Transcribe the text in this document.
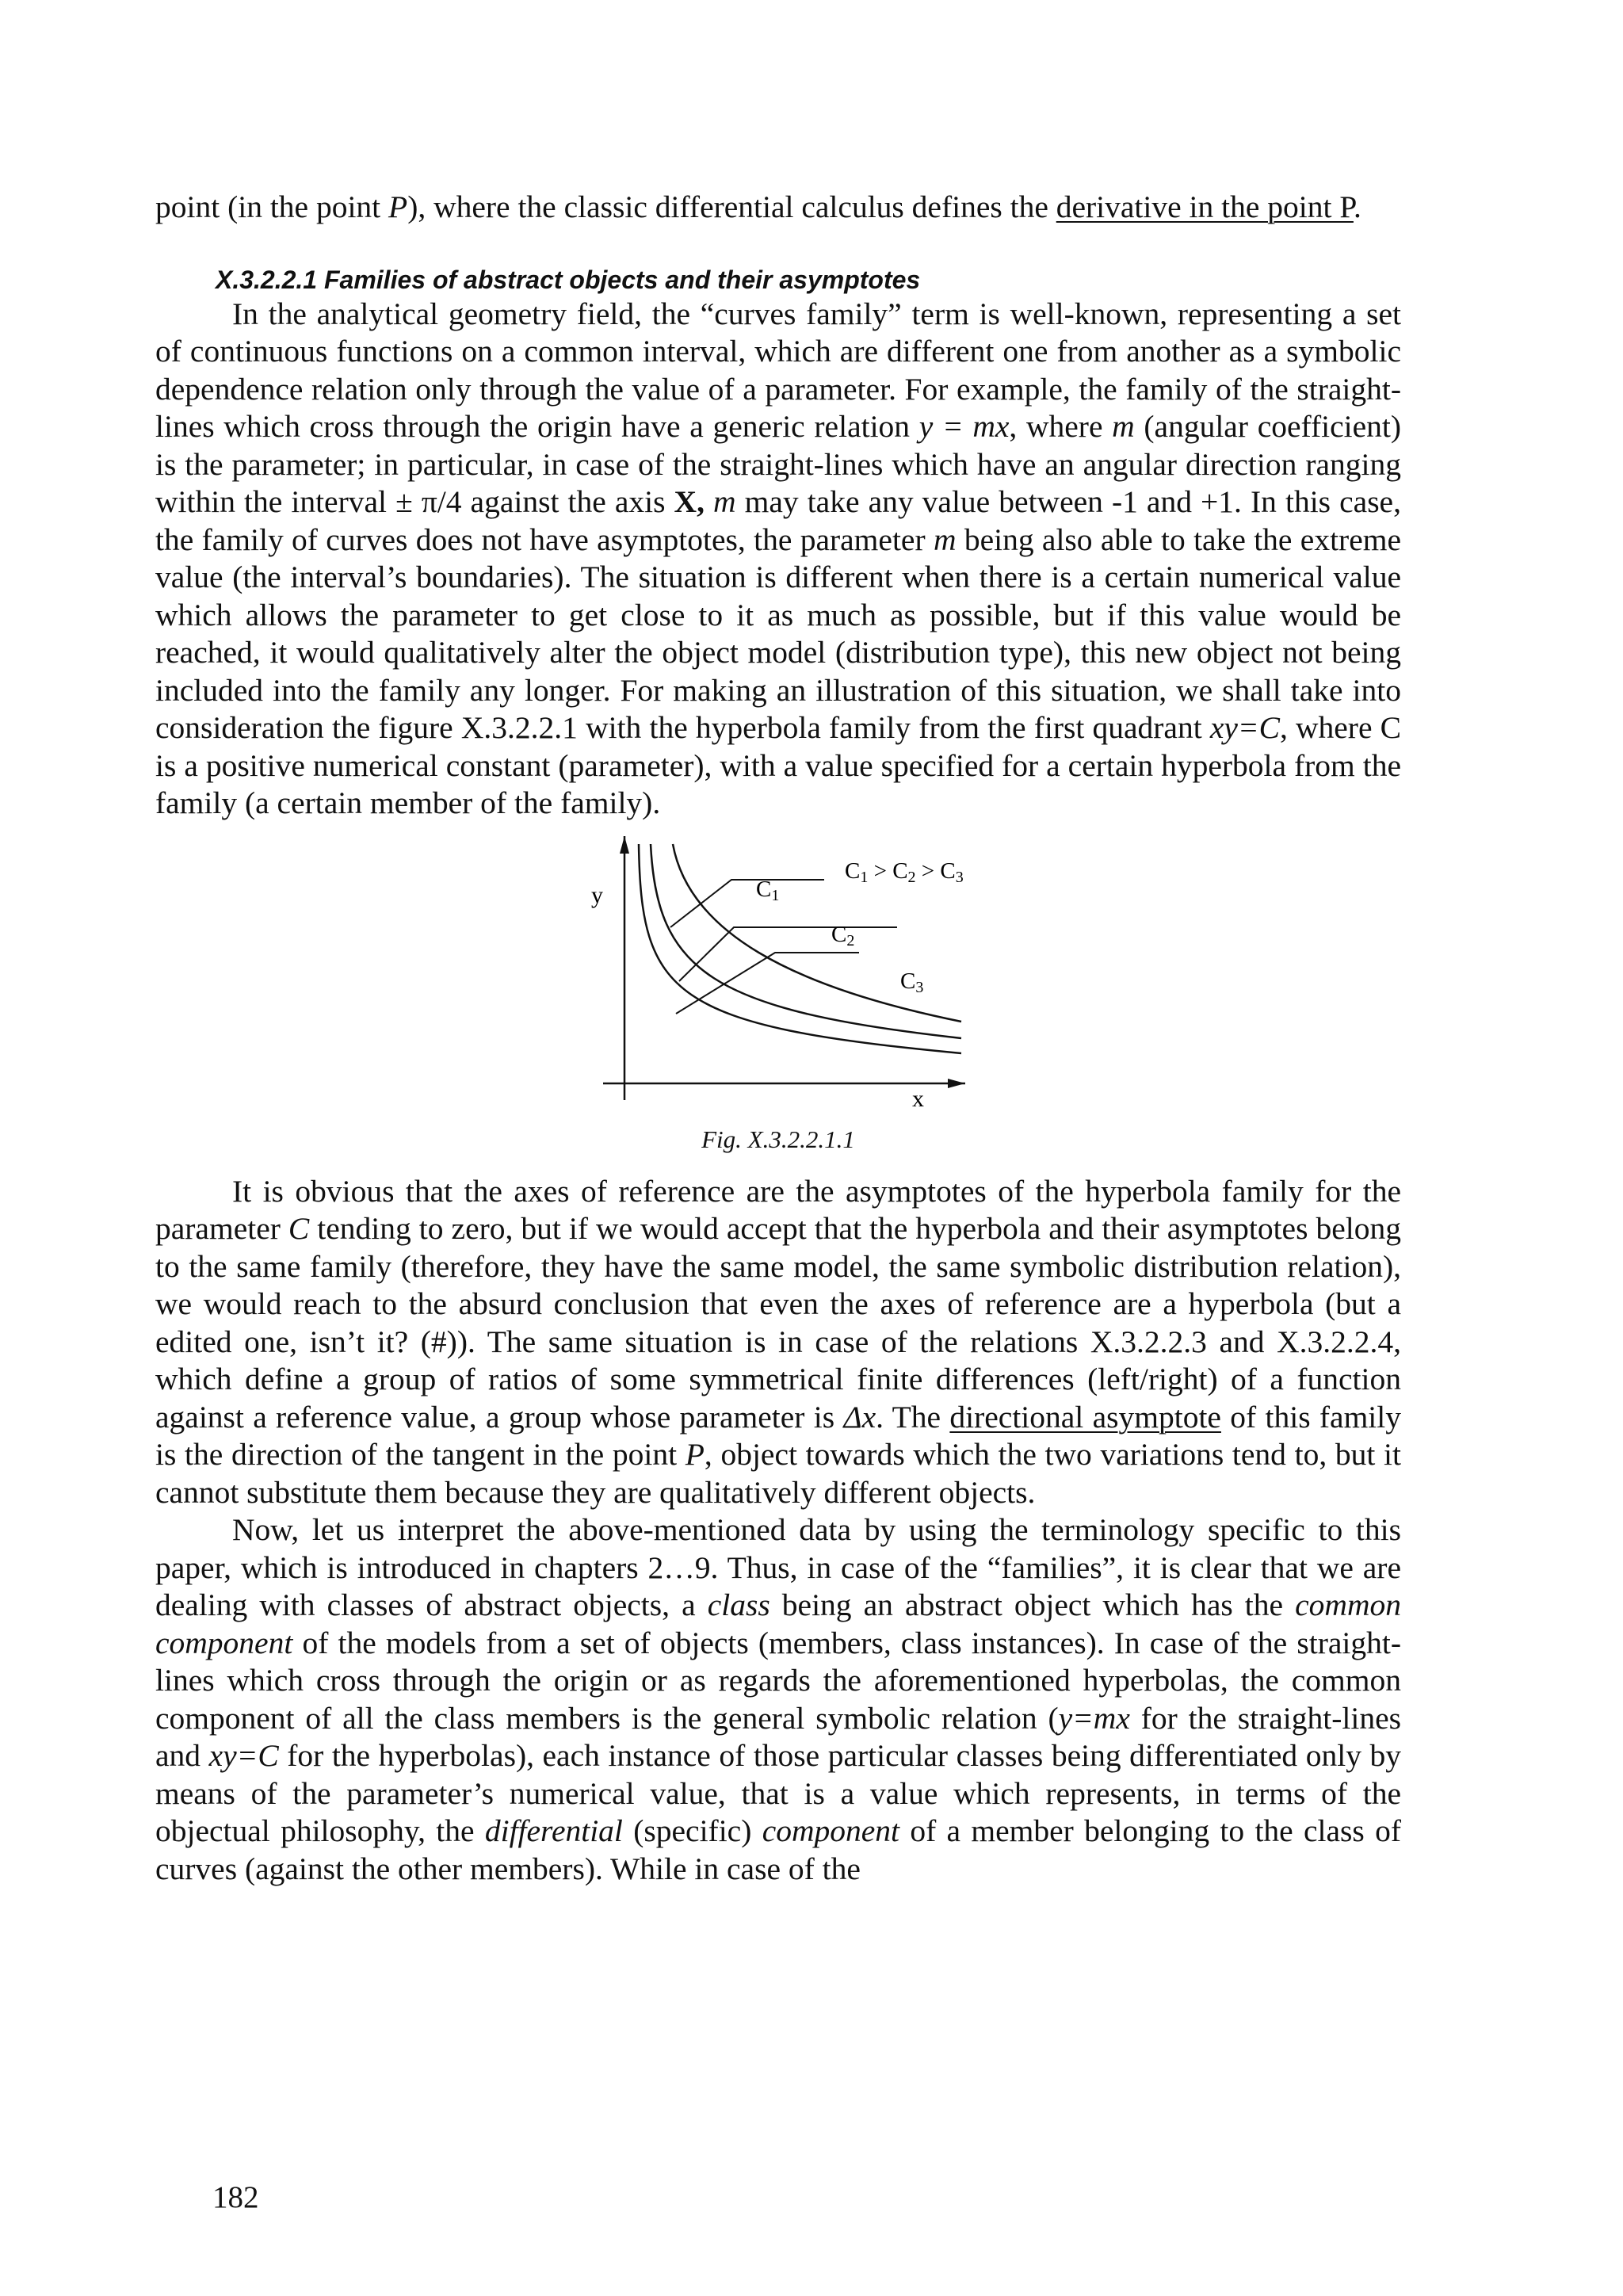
point (in the point P), where the classic differential calculus defines the derivative in the point P.

X.3.2.2.1 Families of abstract objects and their asymptotes

In the analytical geometry field, the “curves family” term is well-known, representing a set of continuous functions on a common interval, which are different one from another as a symbolic dependence relation only through the value of a parameter. For example, the family of the straight-lines which cross through the origin have a generic relation y = mx, where m (angular coefficient) is the parameter; in particular, in case of the straight-lines which have an angular direction ranging within the interval ± π/4 against the axis X, m may take any value between -1 and +1. In this case, the family of curves does not have asymptotes, the parameter m being also able to take the extreme value (the interval’s boundaries). The situation is different when there is a certain numerical value which allows the parameter to get close to it as much as possible, but if this value would be reached, it would qualitatively alter the object model (distribution type), this new object not being included into the family any longer. For making an illustration of this situation, we shall take into consideration the figure X.3.2.2.1 with the hyperbola family from the first quadrant xy=C, where C is a positive numerical constant (parameter), with a value specified for a certain hyperbola from the family (a certain member of the family).

y
x
C1
C2
C3
C1 > C2 > C3
Fig. X.3.2.2.1.1

It is obvious that the axes of reference are the asymptotes of the hyperbola family for the parameter C tending to zero, but if we would accept that the hyperbola and their asymptotes belong to the same family (therefore, they have the same model, the same symbolic distribution relation), we would reach to the absurd conclusion that even the axes of reference are a hyperbola (but a edited one, isn’t it? (#)). The same situation is in case of the relations X.3.2.2.3 and X.3.2.2.4, which define a group of ratios of some symmetrical finite differences (left/right) of a function against a reference value, a group whose parameter is Δx. The directional asymptote of this family is the direction of the tangent in the point P, object towards which the two variations tend to, but it cannot substitute them because they are qualitatively different objects.

Now, let us interpret the above-mentioned data by using the terminology specific to this paper, which is introduced in chapters 2…9. Thus, in case of the “families”, it is clear that we are dealing with classes of abstract objects, a class being an abstract object which has the common component of the models from a set of objects (members, class instances). In case of the straight-lines which cross through the origin or as regards the aforementioned hyperbolas, the common component of all the class members is the general symbolic relation (y=mx for the straight-lines and xy=C for the hyperbolas), each instance of those particular classes being differentiated only by means of the parameter’s numerical value, that is a value which represents, in terms of the objectual philosophy, the differential (specific) component of a member belonging to the class of curves (against the other members). While in case of the

182
